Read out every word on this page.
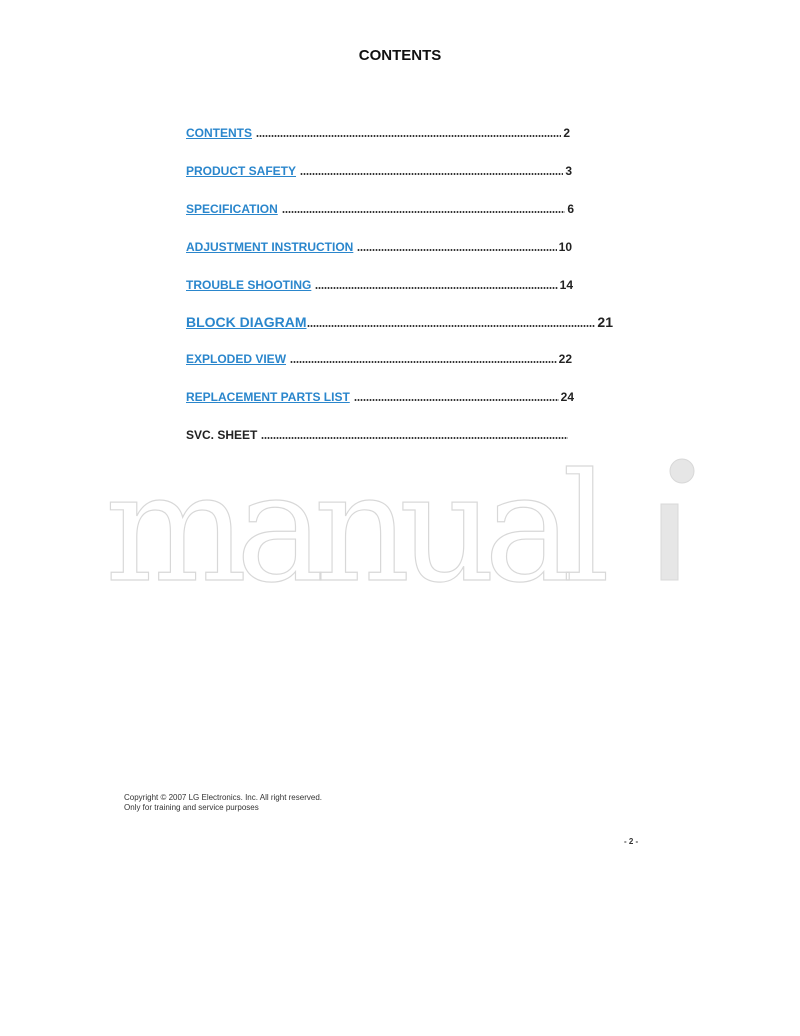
CONTENTS
CONTENTS	2
PRODUCT SAFETY	3
SPECIFICATION	6
ADJUSTMENT INSTRUCTION	10
TROUBLE SHOOTING	14
BLOCK DIAGRAM	21
EXPLODED VIEW	22
REPLACEMENT PARTS LIST	24
SVC. SHEET
manual
Copyright © 2007 LG Electronics. Inc. All right reserved.
Only for training and service purposes
- 2 -
